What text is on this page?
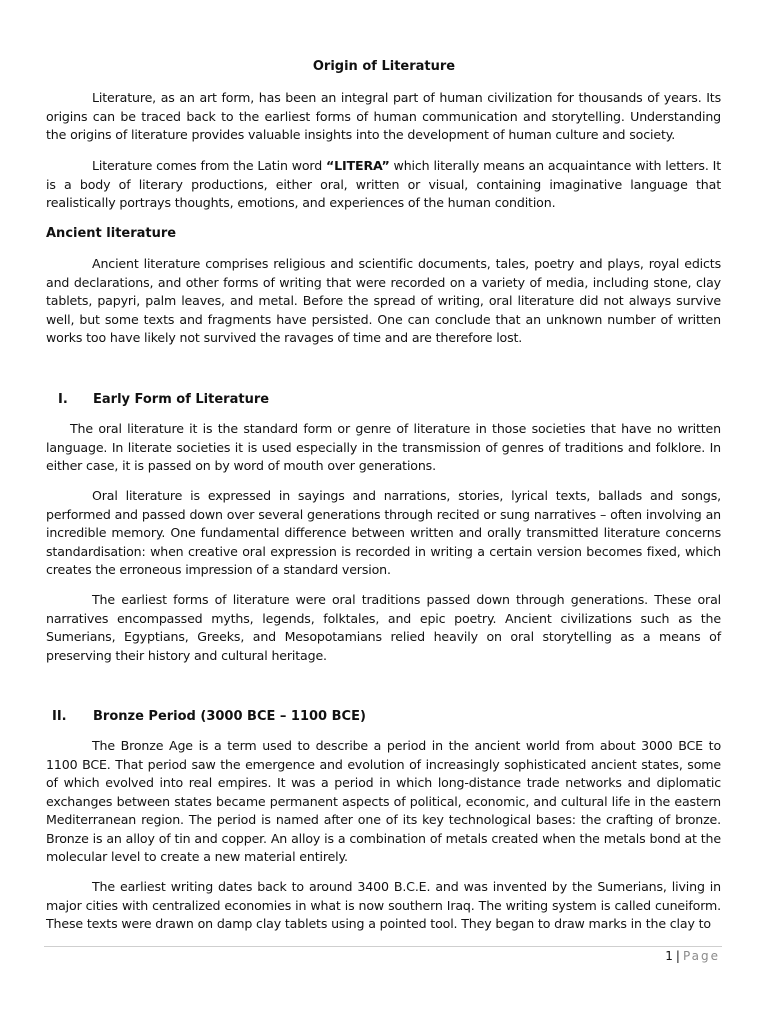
Origin of Literature

Literature, as an art form, has been an integral part of human civilization for thousands of years. Its origins can be traced back to the earliest forms of human communication and storytelling. Understanding the origins of literature provides valuable insights into the development of human culture and society.

Literature comes from the Latin word “LITERA” which literally means an acquaintance with letters. It is a body of literary productions, either oral, written or visual, containing imaginative language that realistically portrays thoughts, emotions, and experiences of the human condition.

Ancient literature

Ancient literature comprises religious and scientific documents, tales, poetry and plays, royal edicts and declarations, and other forms of writing that were recorded on a variety of media, including stone, clay tablets, papyri, palm leaves, and metal. Before the spread of writing, oral literature did not always survive well, but some texts and fragments have persisted. One can conclude that an unknown number of written works too have likely not survived the ravages of time and are therefore lost.

I. Early Form of Literature

The oral literature it is the standard form or genre of literature in those societies that have no written language. In literate societies it is used especially in the transmission of genres of traditions and folklore. In either case, it is passed on by word of mouth over generations.

Oral literature is expressed in sayings and narrations, stories, lyrical texts, ballads and songs, performed and passed down over several generations through recited or sung narratives – often involving an incredible memory. One fundamental difference between written and orally transmitted literature concerns standardisation: when creative oral expression is recorded in writing a certain version becomes fixed, which creates the erroneous impression of a standard version.

The earliest forms of literature were oral traditions passed down through generations. These oral narratives encompassed myths, legends, folktales, and epic poetry. Ancient civilizations such as the Sumerians, Egyptians, Greeks, and Mesopotamians relied heavily on oral storytelling as a means of preserving their history and cultural heritage.

II. Bronze Period (3000 BCE – 1100 BCE)

The Bronze Age is a term used to describe a period in the ancient world from about 3000 BCE to 1100 BCE. That period saw the emergence and evolution of increasingly sophisticated ancient states, some of which evolved into real empires. It was a period in which long-distance trade networks and diplomatic exchanges between states became permanent aspects of political, economic, and cultural life in the eastern Mediterranean region. The period is named after one of its key technological bases: the crafting of bronze. Bronze is an alloy of tin and copper. An alloy is a combination of metals created when the metals bond at the molecular level to create a new material entirely.

The earliest writing dates back to around 3400 B.C.E. and was invented by the Sumerians, living in major cities with centralized economies in what is now southern Iraq. The writing system is called cuneiform. These texts were drawn on damp clay tablets using a pointed tool. They began to draw marks in the clay to

1 | Page
